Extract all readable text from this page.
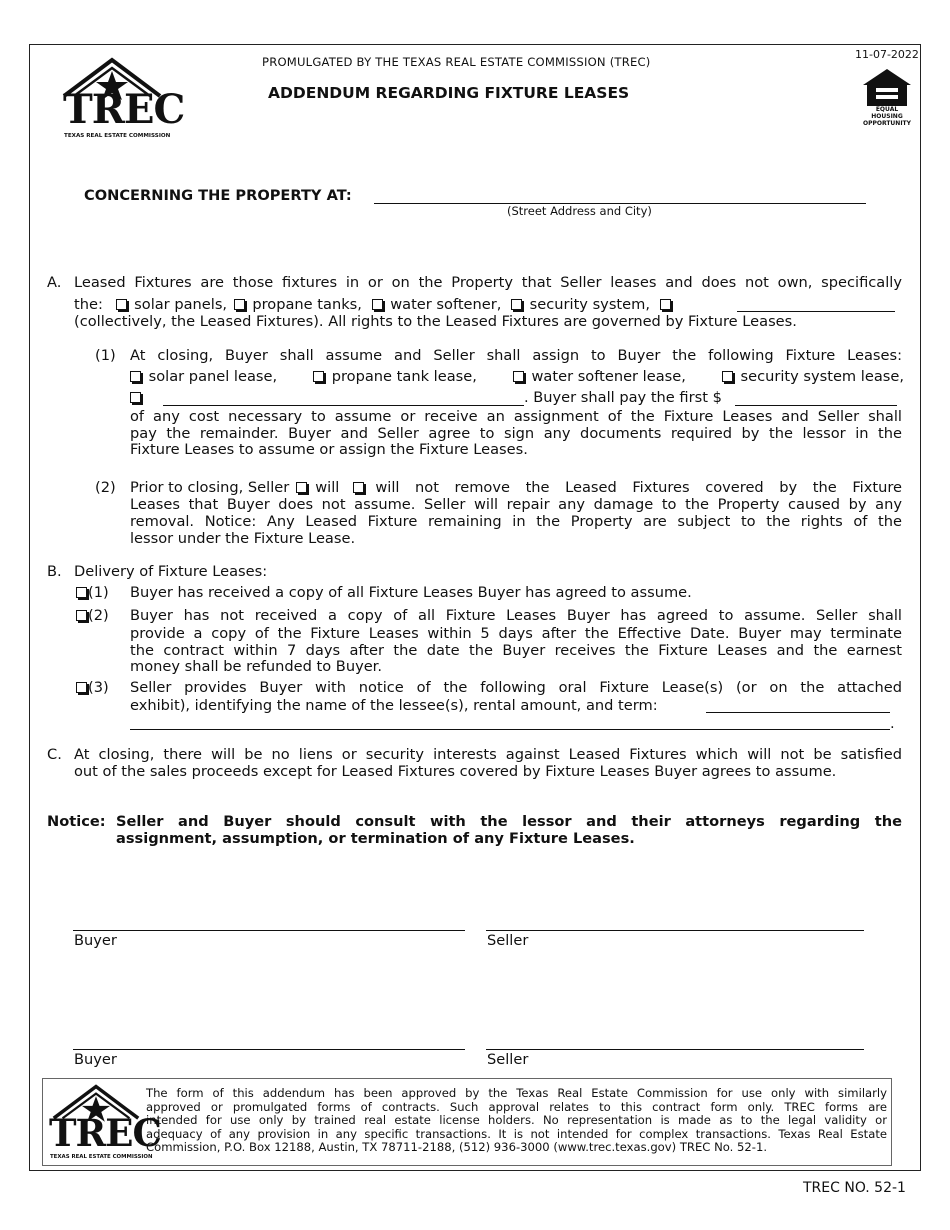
TREC
TEXAS REAL ESTATE COMMISSION
PROMULGATED BY THE TEXAS REAL ESTATE COMMISSION (TREC)
ADDENDUM REGARDING FIXTURE LEASES
11-07-2022
EQUAL
HOUSING
OPPORTUNITY
CONCERNING THE PROPERTY AT:
(Street Address and City)
A. Leased Fixtures are those fixtures in or on the Property that Seller leases and does not own, specifically
the: solar panels, propane tanks, water softener, security system,
(collectively, the Leased Fixtures). All rights to the Leased Fixtures are governed by Fixture Leases.
(1) At closing, Buyer shall assume and Seller shall assign to Buyer the following Fixture Leases:
solar panel lease,	propane tank lease,	water softener lease,	security system lease,
. Buyer shall pay the first $
of any cost necessary to assume or receive an assignment of the Fixture Leases and Seller shall
pay the remainder. Buyer and Seller agree to sign any documents required by the lessor in the
Fixture Leases to assume or assign the Fixture Leases.
(2) Prior to closing, Seller will will not remove the Leased Fixtures covered by the Fixture
Leases that Buyer does not assume. Seller will repair any damage to the Property caused by any
removal. Notice: Any Leased Fixture remaining in the Property are subject to the rights of the
lessor under the Fixture Lease.
B. Delivery of Fixture Leases:
(1) Buyer has received a copy of all Fixture Leases Buyer has agreed to assume.
(2) Buyer has not received a copy of all Fixture Leases Buyer has agreed to assume. Seller shall
provide a copy of the Fixture Leases within 5 days after the Effective Date. Buyer may terminate
the contract within 7 days after the date the Buyer receives the Fixture Leases and the earnest
money shall be refunded to Buyer.
(3) Seller provides Buyer with notice of the following oral Fixture Lease(s) (or on the attached
exhibit), identifying the name of the lessee(s), rental amount, and term:
.
C. At closing, there will be no liens or security interests against Leased Fixtures which will not be satisfied
out of the sales proceeds except for Leased Fixtures covered by Fixture Leases Buyer agrees to assume.
Notice: Seller and Buyer should consult with the lessor and their attorneys regarding the
assignment, assumption, or termination of any Fixture Leases.
Buyer	Seller
Buyer	Seller
TREC
TEXAS REAL ESTATE COMMISSION
The form of this addendum has been approved by the Texas Real Estate Commission for use only with similarly
approved or promulgated forms of contracts. Such approval relates to this contract form only. TREC forms are
intended for use only by trained real estate license holders. No representation is made as to the legal validity or
adequacy of any provision in any specific transactions. It is not intended for complex transactions. Texas Real Estate
Commission, P.O. Box 12188, Austin, TX 78711-2188, (512) 936-3000 (www.trec.texas.gov) TREC No. 52-1.
TREC NO. 52-1
